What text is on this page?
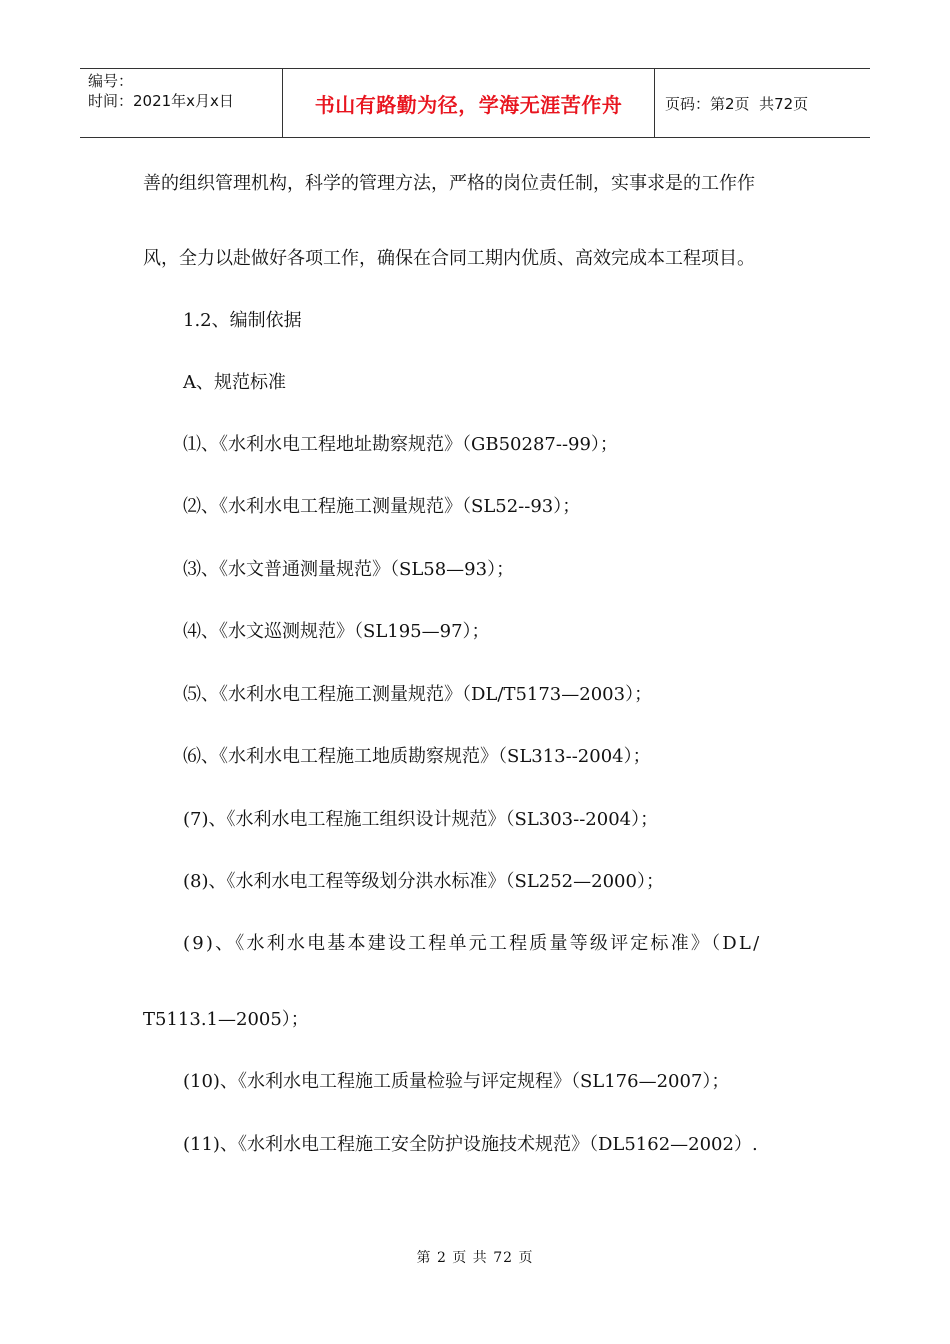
编号：
时间：2021年x月x日	书山有路勤为径，学海无涯苦作舟	页码：第2页  共72页
善的组织管理机构，科学的管理方法，严格的岗位责任制，实事求是的工作作
风，全力以赴做好各项工作，确保在合同工期内优质、高效完成本工程项目。
1.2、编制依据
A、规范标准
⑴、《水利水电工程地址勘察规范》（GB50287--99）；
⑵、《水利水电工程施工测量规范》（SL52--93）；
⑶、《水文普通测量规范》（SL58—93）；
⑷、《水文巡测规范》（SL195—97）；
⑸、《水利水电工程施工测量规范》（DL/T5173—2003）；
⑹、《水利水电工程施工地质勘察规范》（SL313--2004）；
(7)、《水利水电工程施工组织设计规范》（SL303--2004）；
(8)、《水利水电工程等级划分洪水标准》（SL252—2000）；
(9)、《水利水电基本建设工程单元工程质量等级评定标准》（DL/
T5113.1—2005）；
(10)、《水利水电工程施工质量检验与评定规程》（SL176—2007）；
(11)、《水利水电工程施工安全防护设施技术规范》（DL5162—2002）.
第 2 页 共 72 页
